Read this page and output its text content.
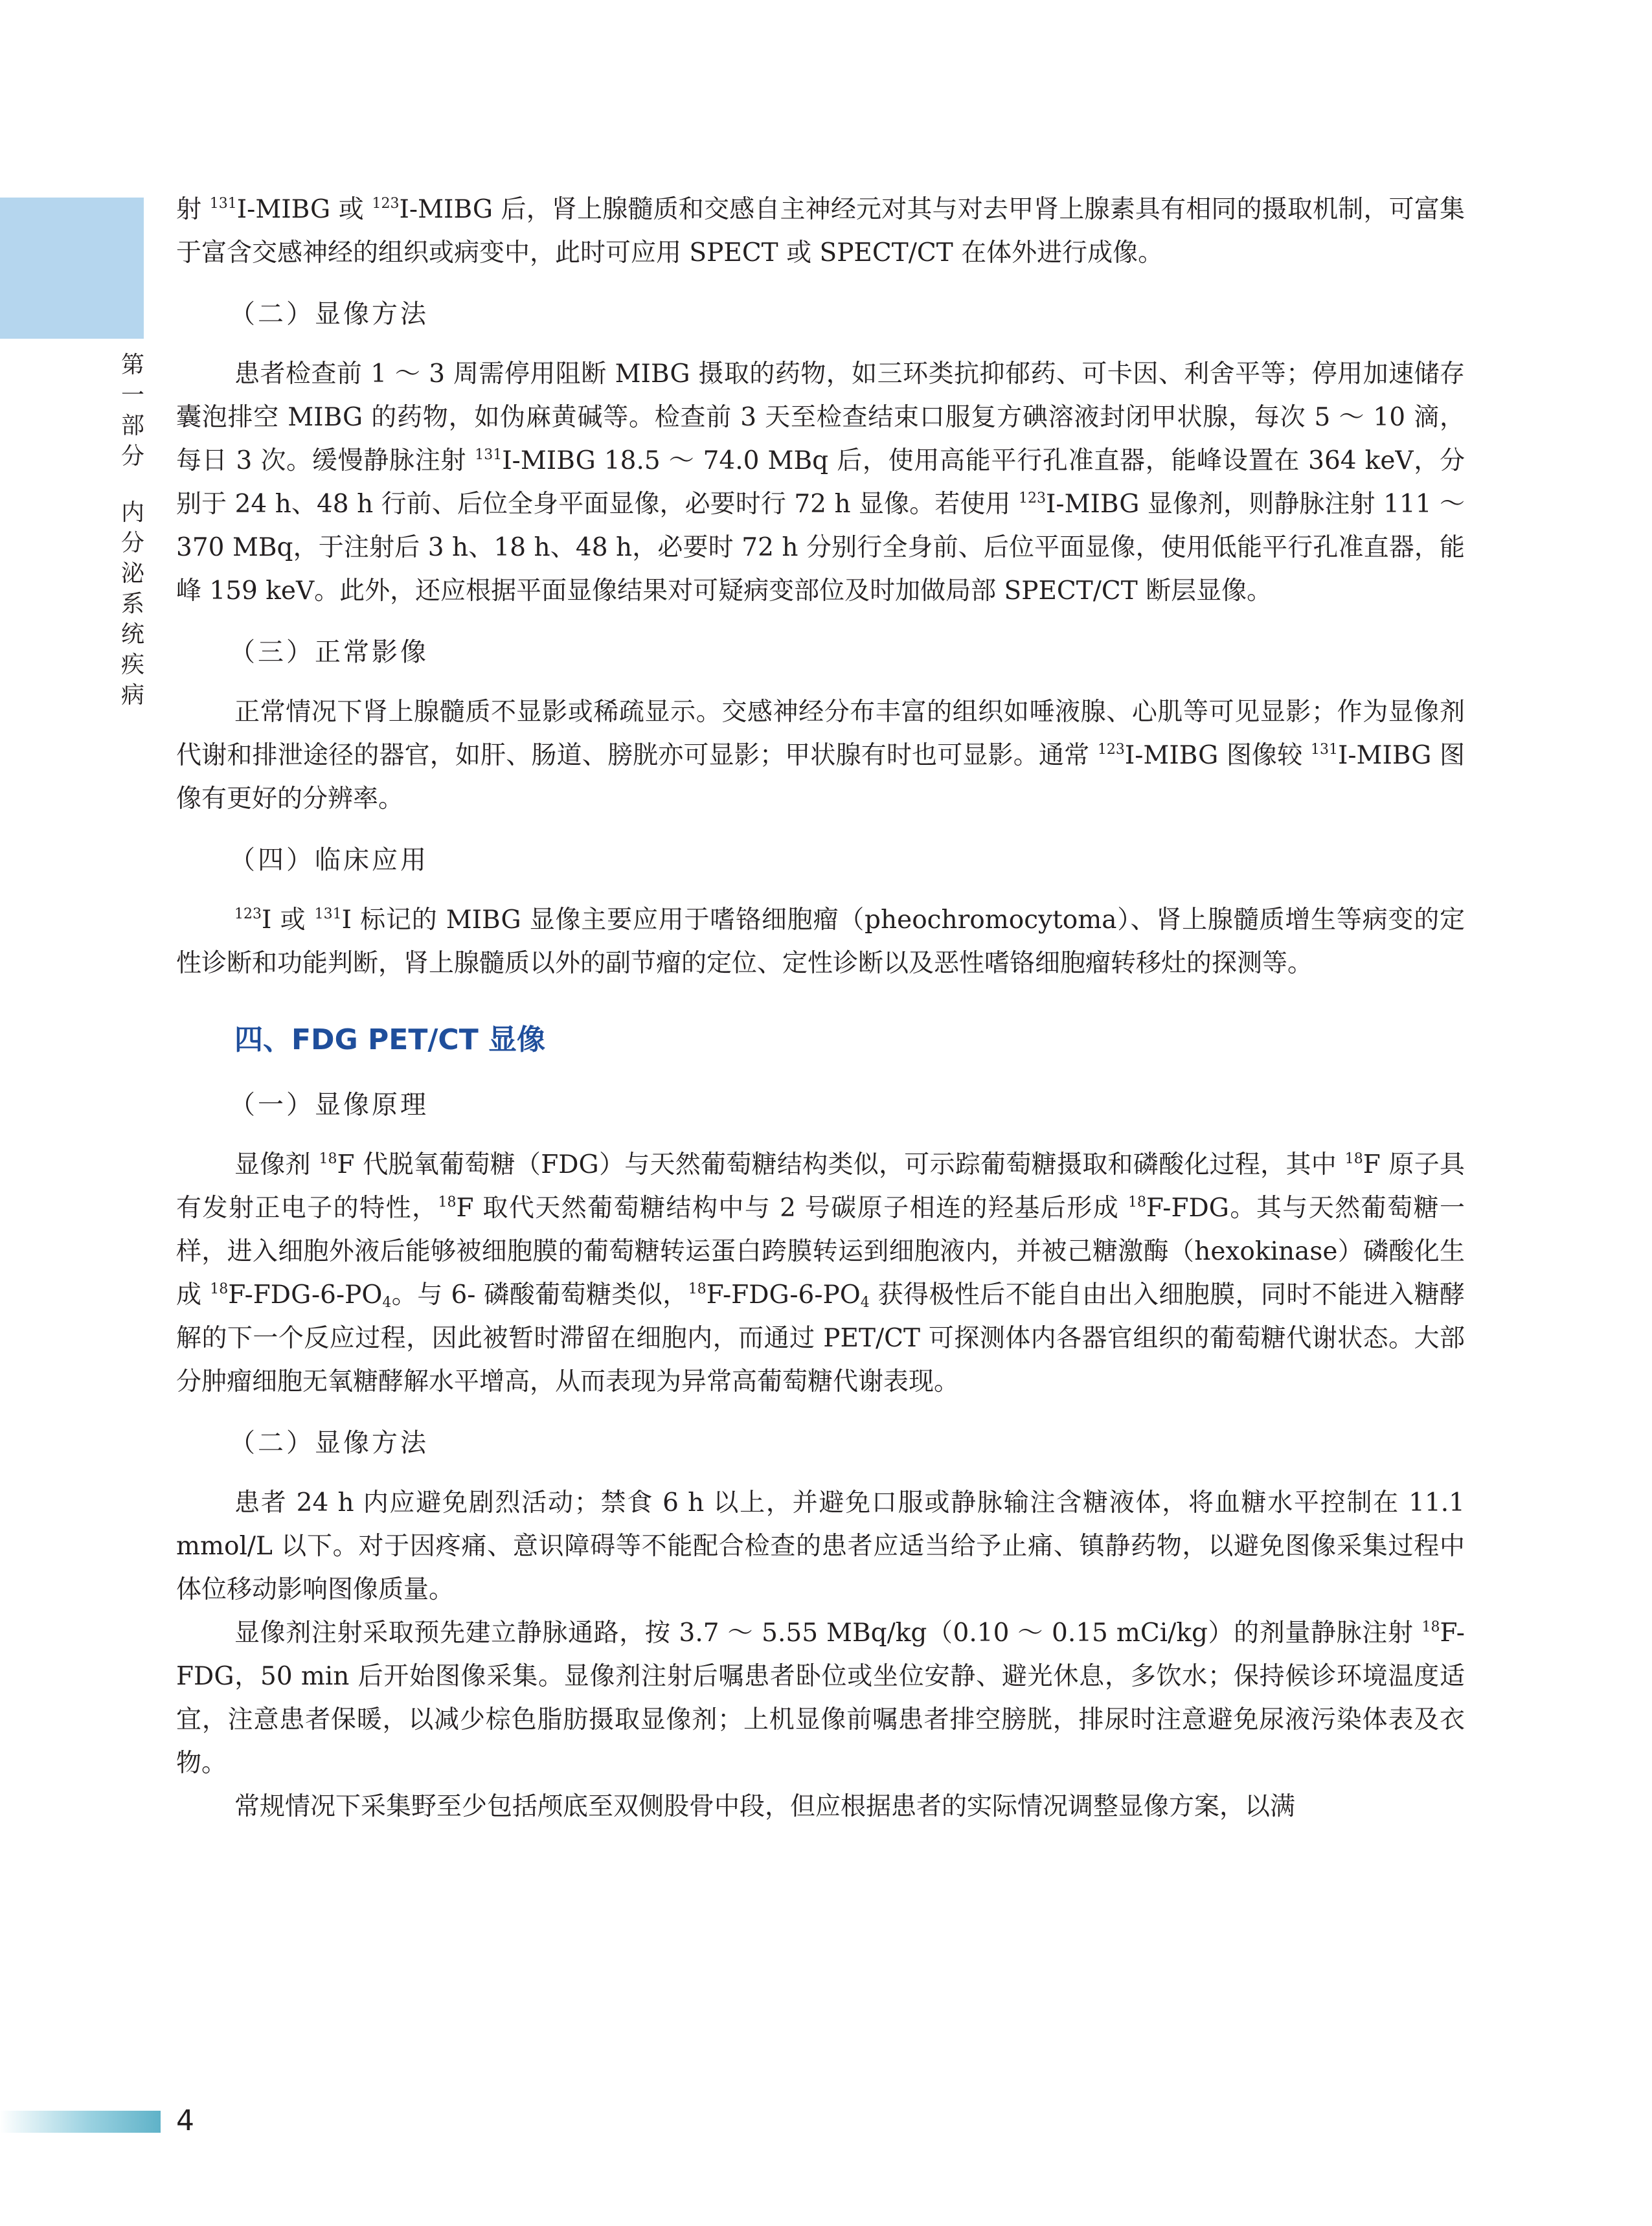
第一部分
内分泌系统疾病

射 $^{131}$I-MIBG 或 $^{123}$I-MIBG 后，肾上腺髓质和交感自主神经元对其与对去甲肾上腺素具有相同的摄取机制，可富集于富含交感神经的组织或病变中，此时可应用 SPECT 或 SPECT/CT 在体外进行成像。

（二）显像方法

患者检查前 1 ～ 3 周需停用阻断 MIBG 摄取的药物，如三环类抗抑郁药、可卡因、利舍平等；停用加速储存囊泡排空 MIBG 的药物，如伪麻黄碱等。检查前 3 天至检查结束口服复方碘溶液封闭甲状腺，每次 5 ～ 10 滴，每日 3 次。缓慢静脉注射 $^{131}$I-MIBG 18.5 ～ 74.0 MBq 后，使用高能平行孔准直器，能峰设置在 364 keV，分别于 24 h、48 h 行前、后位全身平面显像，必要时行 72 h 显像。若使用 $^{123}$I-MIBG 显像剂，则静脉注射 111 ～ 370 MBq，于注射后 3 h、18 h、48 h，必要时 72 h 分别行全身前、后位平面显像，使用低能平行孔准直器，能峰 159 keV。此外，还应根据平面显像结果对可疑病变部位及时加做局部 SPECT/CT 断层显像。

（三）正常影像

正常情况下肾上腺髓质不显影或稀疏显示。交感神经分布丰富的组织如唾液腺、心肌等可见显影；作为显像剂代谢和排泄途径的器官，如肝、肠道、膀胱亦可显影；甲状腺有时也可显影。通常 $^{123}$I-MIBG 图像较 $^{131}$I-MIBG 图像有更好的分辨率。

（四）临床应用

$^{123}$I 或 $^{131}$I 标记的 MIBG 显像主要应用于嗜铬细胞瘤（pheochromocytoma）、肾上腺髓质增生等病变的定性诊断和功能判断，肾上腺髓质以外的副节瘤的定位、定性诊断以及恶性嗜铬细胞瘤转移灶的探测等。

四、FDG PET/CT 显像
（一）显像原理

显像剂 $^{18}$F 代脱氧葡萄糖（FDG）与天然葡萄糖结构类似，可示踪葡萄糖摄取和磷酸化过程，其中 $^{18}$F 原子具有发射正电子的特性，$^{18}$F 取代天然葡萄糖结构中与 2 号碳原子相连的羟基后形成 $^{18}$F-FDG。其与天然葡萄糖一样，进入细胞外液后能够被细胞膜的葡萄糖转运蛋白跨膜转运到细胞液内，并被己糖激酶（hexokinase）磷酸化生成 $^{18}F-FDG-6-PO_4$。与 6- 磷酸葡萄糖类似，$^{18}F-FDG-6-PO_4$ 获得极性后不能自由出入细胞膜，同时不能进入糖酵解的下一个反应过程，因此被暂时滞留在细胞内，而通过 PET/CT 可探测体内各器官组织的葡萄糖代谢状态。大部分肿瘤细胞无氧糖酵解水平增高，从而表现为异常高葡萄糖代谢表现。

（二）显像方法

患者 24 h 内应避免剧烈活动；禁食 6 h 以上，并避免口服或静脉输注含糖液体，将血糖水平控制在 11.1 mmol/L 以下。对于因疼痛、意识障碍等不能配合检查的患者应适当给予止痛、镇静药物，以避免图像采集过程中体位移动影响图像质量。

显像剂注射采取预先建立静脉通路，按 3.7 ～ 5.55 MBq/kg（0.10 ～ 0.15 mCi/kg）的剂量静脉注射 $^{18}$F-FDG，50 min 后开始图像采集。显像剂注射后嘱患者卧位或坐位安静、避光休息，多饮水；保持候诊环境温度适宜，注意患者保暖，以减少棕色脂肪摄取显像剂；上机显像前嘱患者排空膀胱，排尿时注意避免尿液污染体表及衣物。

常规情况下采集野至少包括颅底至双侧股骨中段，但应根据患者的实际情况调整显像方案，以满

4
